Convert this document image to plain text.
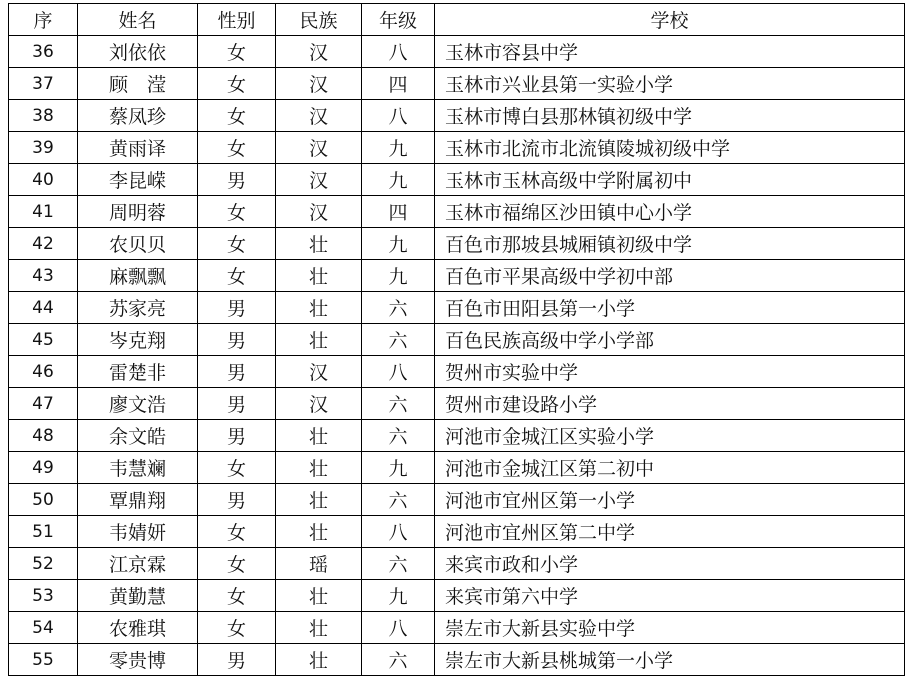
序	姓名	性别	民族	年级	学校
36	刘依依	女	汉	八	玉林市容县中学
37	顾　滢	女	汉	四	玉林市兴业县第一实验小学
38	蔡凤珍	女	汉	八	玉林市博白县那林镇初级中学
39	黄雨译	女	汉	九	玉林市北流市北流镇陵城初级中学
40	李昆嵘	男	汉	九	玉林市玉林高级中学附属初中
41	周明蓉	女	汉	四	玉林市福绵区沙田镇中心小学
42	农贝贝	女	壮	九	百色市那坡县城厢镇初级中学
43	麻飘飘	女	壮	九	百色市平果高级中学初中部
44	苏家亮	男	壮	六	百色市田阳县第一小学
45	岑克翔	男	壮	六	百色民族高级中学小学部
46	雷楚非	男	汉	八	贺州市实验中学
47	廖文浩	男	汉	六	贺州市建设路小学
48	余文皓	男	壮	六	河池市金城江区实验小学
49	韦慧斓	女	壮	九	河池市金城江区第二初中
50	覃鼎翔	男	壮	六	河池市宜州区第一小学
51	韦婧妍	女	壮	八	河池市宜州区第二中学
52	江京霖	女	瑶	六	来宾市政和小学
53	黄勤慧	女	壮	九	来宾市第六中学
54	农雅琪	女	壮	八	崇左市大新县实验中学
55	零贵博	男	壮	六	崇左市大新县桃城第一小学
